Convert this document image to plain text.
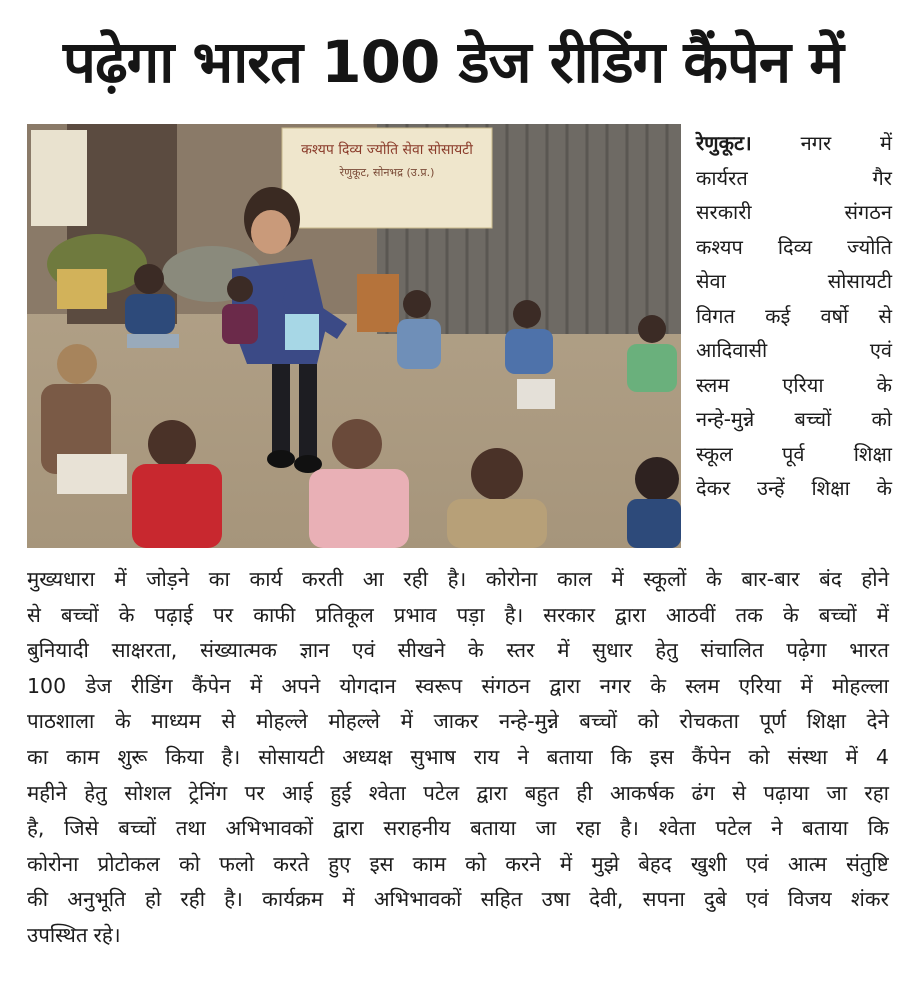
पढ़ेगा भारत 100 डेज रीडिंग कैंपेन में
कश्यप दिव्य ज्योति सेवा सोसायटी
रेणुकूट, सोनभद्र (उ.प्र.)
रेणुकूट। नगर में
कार्यरत	गैर
सरकारी	संगठन
कश्यप दिव्य ज्योति
सेवा	सोसायटी
विगत कई वर्षो से
आदिवासी	एवं
स्लम	एरिया	के
नन्हे-मुन्ने बच्चों को
स्कूल पूर्व शिक्षा
देकर उन्हें शिक्षा के
मुख्यधारा में जोड़ने का कार्य करती आ रही है। कोरोना काल में स्कूलों के बार-बार बंद होने
से बच्चों के पढ़ाई पर काफी प्रतिकूल प्रभाव पड़ा है। सरकार द्वारा आठवीं तक के बच्चों में
बुनियादी साक्षरता, संख्यात्मक ज्ञान एवं सीखने के स्तर में सुधार हेतु संचालित पढ़ेगा भारत
100 डेज रीडिंग कैंपेन में अपने योगदान स्वरूप संगठन द्वारा नगर के स्लम एरिया में मोहल्ला
पाठशाला के माध्यम से मोहल्ले मोहल्ले में जाकर नन्हे-मुन्ने बच्चों को रोचकता पूर्ण शिक्षा देने
का काम शुरू किया है। सोसायटी अध्यक्ष सुभाष राय ने बताया कि इस कैंपेन को संस्था में 4
महीने हेतु सोशल ट्रेनिंग पर आई हुई श्वेता पटेल द्वारा बहुत ही आकर्षक ढंग से पढ़ाया जा रहा
है, जिसे बच्चों तथा अभिभावकों द्वारा सराहनीय बताया जा रहा है। श्वेता पटेल ने बताया कि
कोरोना प्रोटोकल को फलो करते हुए इस काम को करने में मुझे बेहद खुशी एवं आत्म संतुष्टि
की अनुभूति हो रही है। कार्यक्रम में अभिभावकों सहित उषा देवी, सपना दुबे एवं विजय शंकर
उपस्थित रहे।
